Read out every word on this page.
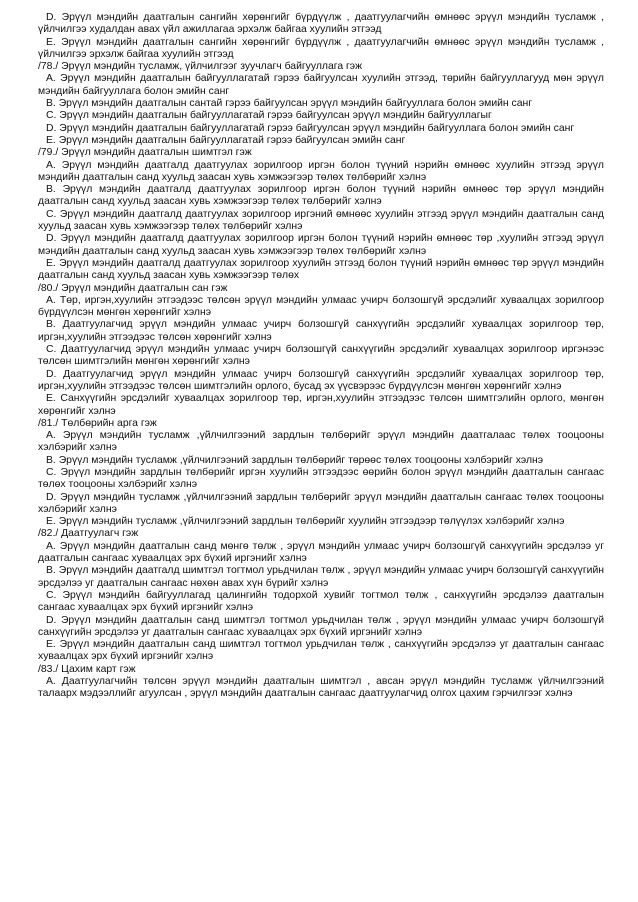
D. Эрүүл мэндийн даатгалын сангийн хөрөнгийг бүрдүүлж , даатгуулагчийн өмнөөс эрүүл мэндийн тусламж , үйлчилгээ худалдан авах үйл ажиллагаа эрхэлж байгаа хуулийн этгээд

E. Эрүүл мэндийн даатгалын сангийн хөрөнгийг бүрдүүлж , даатгуулагчийн өмнөөс эрүүл мэндийн тусламж , үйлчилгээ эрхэлж байгаа хуулийн этгээд

/78./ Эрүүл мэндийн тусламж, үйлчилгээг зуучлагч байгууллага гэж

A. Эрүүл мэндийн даатгалын байгууллагатай гэрээ байгуулсан хуулийн этгээд, төрийн байгууллагууд мөн эрүүл мэндийн байгууллага болон эмийн санг

B. Эрүүл мэндийн даатгалын сантай гэрээ байгуулсан эрүүл мэндийн байгууллага болон эмийн санг

C. Эрүүл мэндийн даатгалын байгууллагатай гэрээ байгуулсан эрүүл мэндийн байгууллагыг

D. Эрүүл мэндийн даатгалын байгууллагатай гэрээ байгуулсан эрүүл мэндийн байгууллага болон эмийн санг

E. Эрүүл мэндийн даатгалын байгууллагатай гэрээ байгуулсан эмийн санг

/79./ Эрүүл мэндийн даатгалын шимтгэл гэж

A. Эрүүл мэндийн даатгалд даатгуулах зорилгоор иргэн болон түүний нэрийн өмнөөс хуулийн этгээд эрүүл мэндийн даатгалын санд хуульд заасан хувь хэмжээгээр төлөх төлбөрийг хэлнэ

B. Эрүүл мэндийн даатгалд даатгуулах зорилгоор иргэн болон түүний нэрийн өмнөөс төр эрүүл мэндийн даатгалын санд хуульд заасан хувь хэмжээгээр төлөх төлбөрийг хэлнэ

C. Эрүүл мэндийн даатгалд даатгуулах зорилгоор иргэний өмнөөс хуулийн этгээд эрүүл мэндийн даатгалын санд хуульд заасан хувь хэмжээгээр төлөх төлбөрийг хэлнэ

D. Эрүүл мэндийн даатгалд даатгуулах зорилгоор иргэн болон түүний нэрийн өмнөөс төр ,хуулийн этгээд эрүүл мэндийн даатгалын санд хуульд заасан хувь хэмжээгээр төлөх төлбөрийг хэлнэ

E. Эрүүл мэндийн даатгалд даатгуулах зорилгоор хуулийн этгээд болон түүний нэрийн өмнөөс төр эрүүл мэндийн даатгалын санд хуульд заасан хувь хэмжээгээр төлөх

/80./ Эрүүл мэндийн даатгалын сан гэж

A. Төр, иргэн,хуулийн этгээдээс төлсөн эрүүл мэндийн улмаас учирч болзошгүй эрсдэлийг хуваалцах зорилгоор бүрдүүлсэн мөнгөн хөрөнгийг хэлнэ

B. Даатгуулагчид эрүүл мэндийн улмаас учирч болзошгүй санхүүгийн эрсдэлийг хуваалцах зорилгоор төр, иргэн,хуулийн этгээдээс төлсөн хөрөнгийг хэлнэ

C. Даатгуулагчид эрүүл мэндийн улмаас учирч болзошгүй санхүүгийн эрсдэлийг хуваалцах зорилгоор иргэнээс төлсөн шимтгэлийн мөнгөн хөрөнгийг хэлнэ

D. Даатгуулагчид эрүүл мэндийн улмаас учирч болзошгүй санхүүгийн эрсдэлийг хуваалцах зорилгоор төр, иргэн,хуулийн этгээдээс төлсөн шимтгэлийн орлого, бусад эх үүсвэрээс бүрдүүлсэн мөнгөн хөрөнгийг хэлнэ

E. Санхүүгийн эрсдэлийг хуваалцах зорилгоор төр, иргэн,хуулийн этгээдээс төлсөн шимтгэлийн орлого, мөнгөн хөрөнгийг хэлнэ

/81./ Төлбөрийн арга гэж

A. Эрүүл мэндийн тусламж ,үйлчилгээний зардлын төлбөрийг эрүүл мэндийн даатгалаас төлөх тооцооны хэлбэрийг хэлнэ

B. Эрүүл мэндийн тусламж ,үйлчилгээний зардлын төлбөрийг төрөөс төлөх тооцооны хэлбэрийг хэлнэ

C. Эрүүл мэндийн зардлын төлбөрийг иргэн хуулийн этгээдээс өөрийн болон эрүүл мэндийн даатгалын сангаас төлөх тооцооны хэлбэрийг хэлнэ

D. Эрүүл мэндийн тусламж ,үйлчилгээний зардлын төлбөрийг эрүүл мэндийн даатгалын сангаас төлөх тооцооны хэлбэрийг хэлнэ

E. Эрүүл мэндийн тусламж ,үйлчилгээний зардлын төлбөрийг хуулийн этгээдээр төлүүлэх хэлбэрийг хэлнэ

/82./ Даатгуулагч гэж

A. Эрүүл мэндийн даатгалын санд мөнгө төлж , эрүүл мэндийн улмаас учирч болзошгүй санхүүгийн эрсдэлээ уг даатгалын сангаас хуваалцах эрх бүхий иргэнийг хэлнэ

B. Эрүүл мэндийн даатгалд шимтгэл тогтмол урьдчилан төлж , эрүүл мэндийн улмаас учирч болзошгүй санхүүгийн эрсдэлээ уг даатгалын сангаас нөхөн авах хүн бүрийг хэлнэ

C. Эрүүл мэндийн байгууллагад цалингийн тодорхой хувийг тогтмол төлж , санхүүгийн эрсдэлээ даатгалын сангаас хуваалцах эрх бүхий иргэнийг хэлнэ

D. Эрүүл мэндийн даатгалын санд шимтгэл тогтмол урьдчилан төлж , эрүүл мэндийн улмаас учирч болзошгүй санхүүгийн эрсдэлээ уг даатгалын сангаас хуваалцах эрх бүхий иргэнийг хэлнэ

E. Эрүүл мэндийн даатгалын санд шимтгэл тогтмол урьдчилан төлж , санхүүгийн эрсдэлээ уг даатгалын сангаас хуваалцах эрх бүхий иргэнийг хэлнэ

/83./ Цахим карт гэж

A. Даатгуулагчийн төлсөн эрүүл мэндийн даатгалын шимтгэл , авсан эрүүл мэндийн тусламж үйлчилгээний талаарх мэдээллийг агуулсан , эрүүл мэндийн даатгалын сангаас даатгуулагчид олгох цахим гэрчилгээг хэлнэ
